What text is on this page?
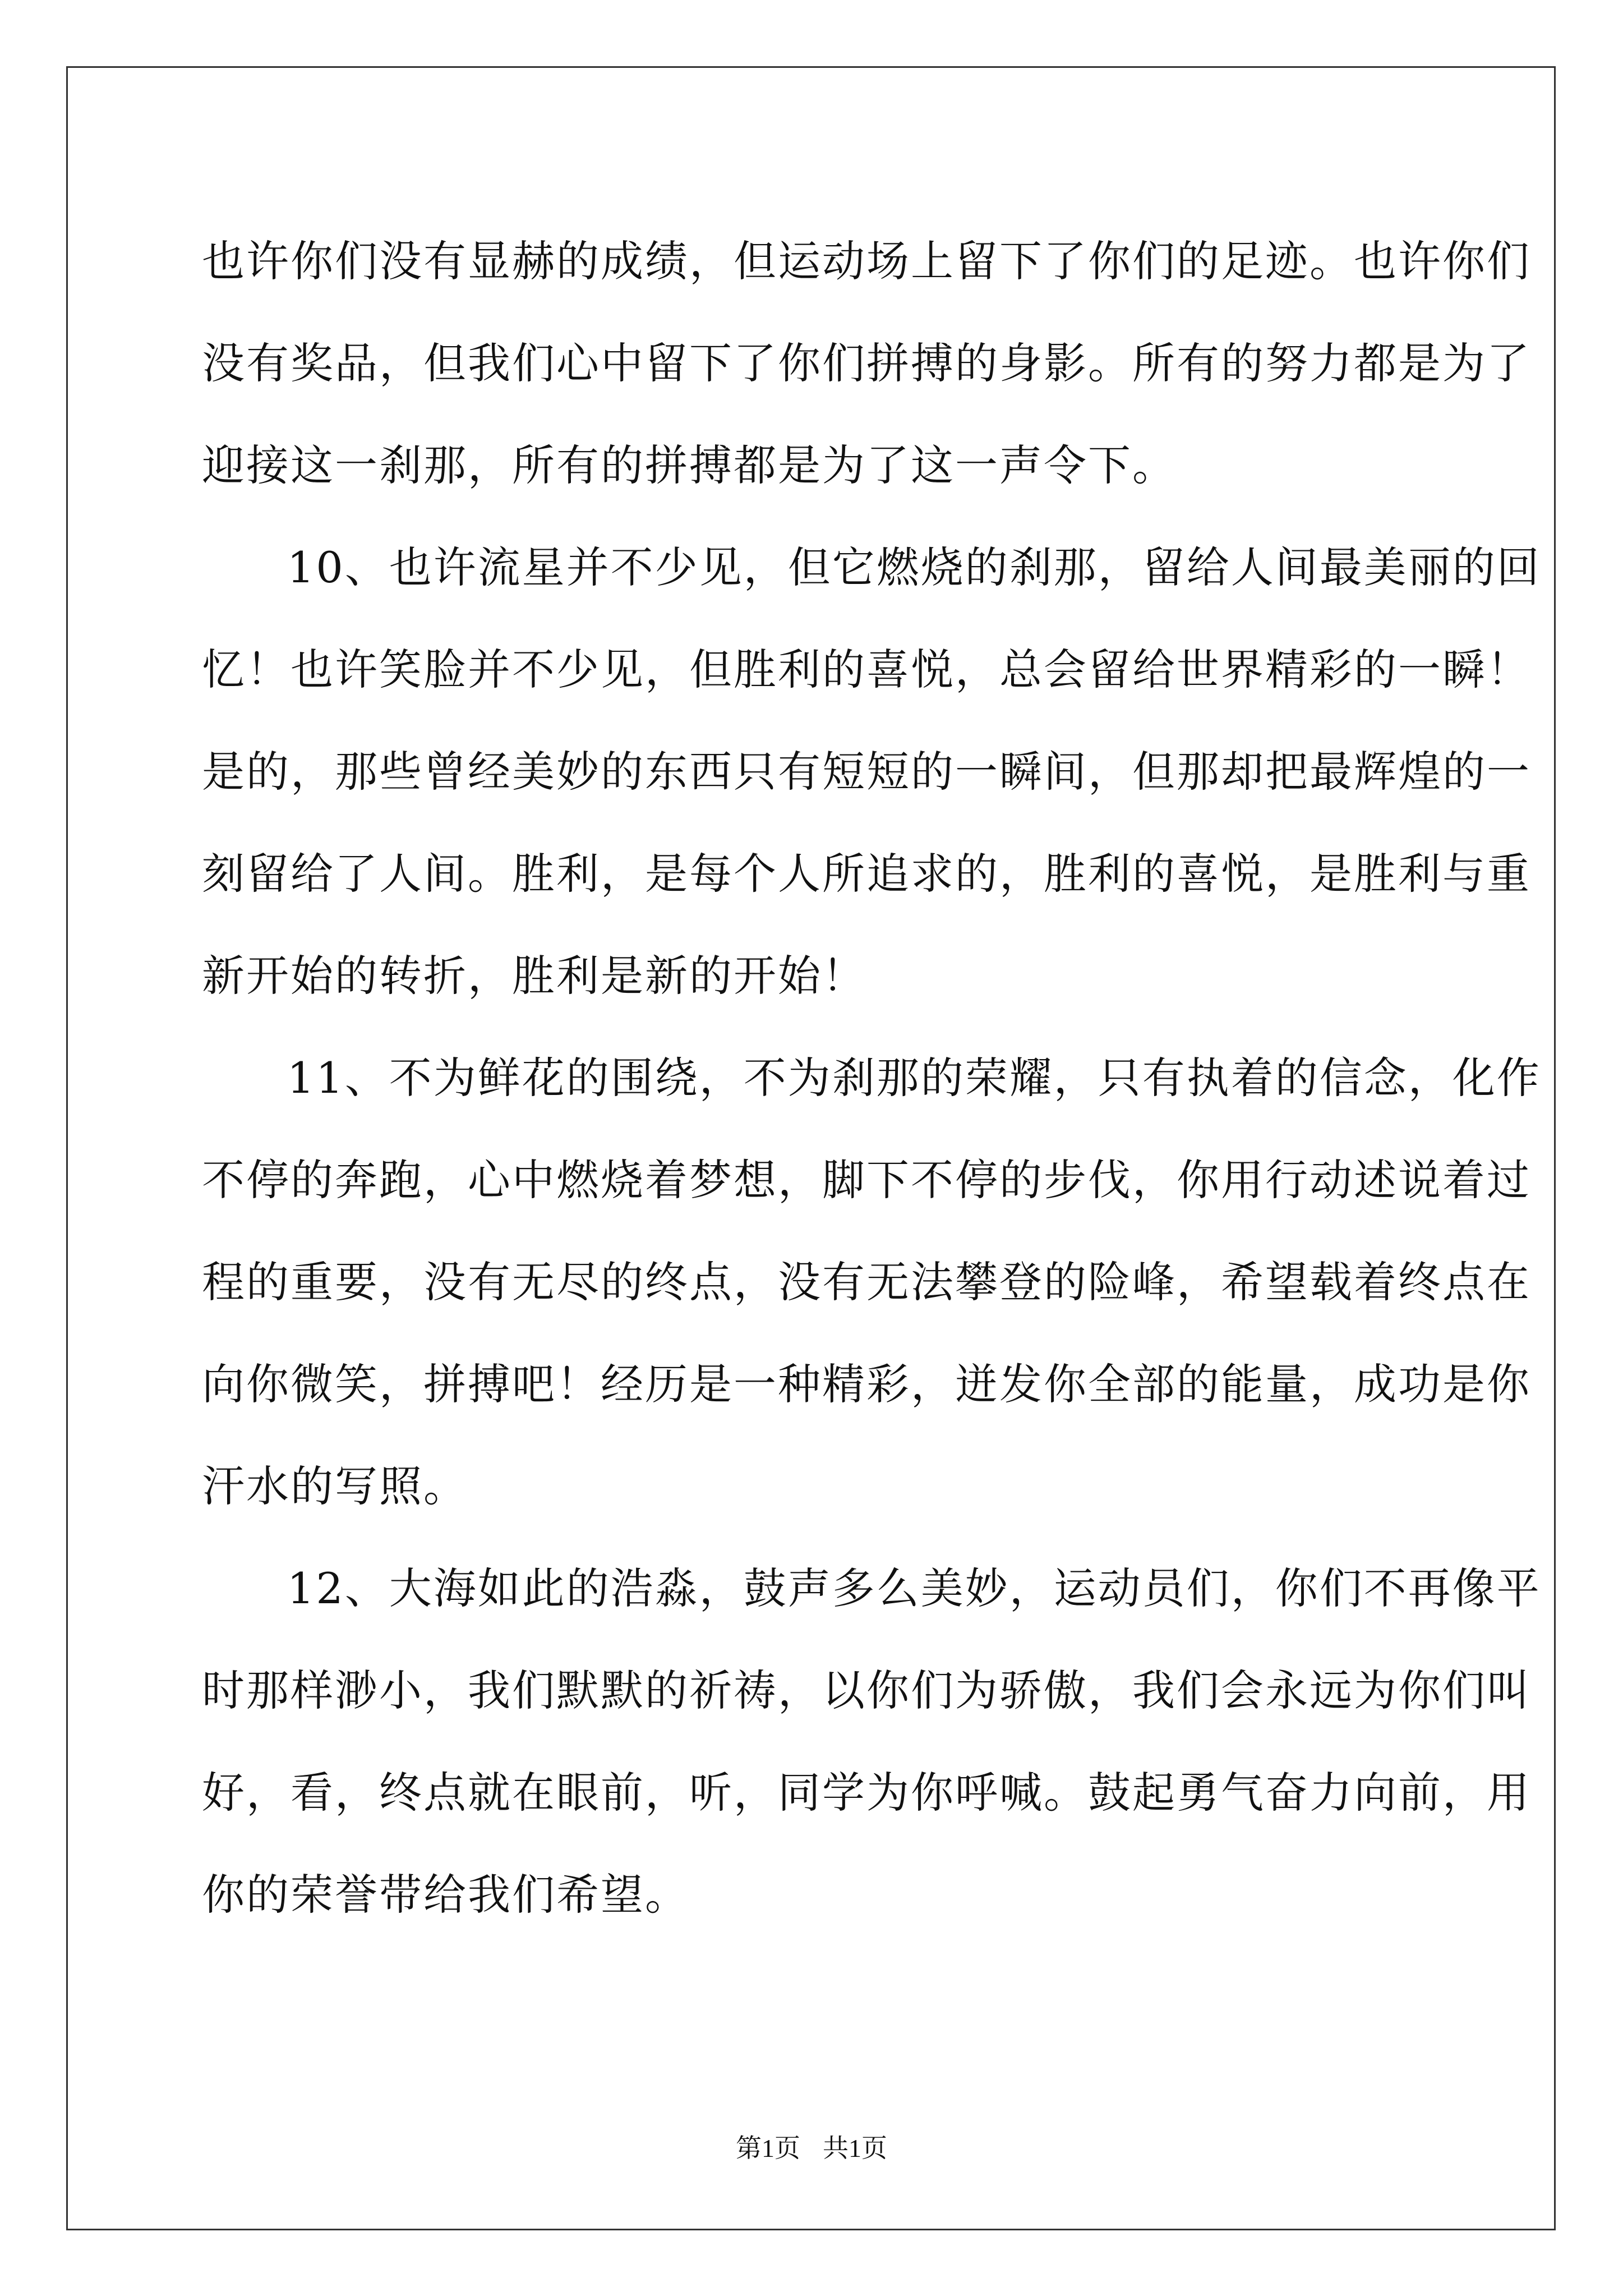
也许你们没有显赫的成绩，但运动场上留下了你们的足迹。也许你们
没有奖品，但我们心中留下了你们拼搏的身影。所有的努力都是为了
迎接这一刹那，所有的拼搏都是为了这一声令下。

10、也许流星并不少见，但它燃烧的刹那，留给人间最美丽的回
忆！也许笑脸并不少见，但胜利的喜悦，总会留给世界精彩的一瞬！
是的，那些曾经美妙的东西只有短短的一瞬间，但那却把最辉煌的一
刻留给了人间。胜利，是每个人所追求的，胜利的喜悦，是胜利与重
新开始的转折，胜利是新的开始！

11、不为鲜花的围绕，不为刹那的荣耀，只有执着的信念，化作
不停的奔跑，心中燃烧着梦想，脚下不停的步伐，你用行动述说着过
程的重要，没有无尽的终点，没有无法攀登的险峰，希望载着终点在
向你微笑，拼搏吧！经历是一种精彩，迸发你全部的能量，成功是你
汗水的写照。

12、大海如此的浩淼，鼓声多么美妙，运动员们，你们不再像平
时那样渺小，我们默默的祈祷，以你们为骄傲，我们会永远为你们叫
好，看，终点就在眼前，听，同学为你呼喊。鼓起勇气奋力向前，用
你的荣誉带给我们希望。

第1页 共1页
